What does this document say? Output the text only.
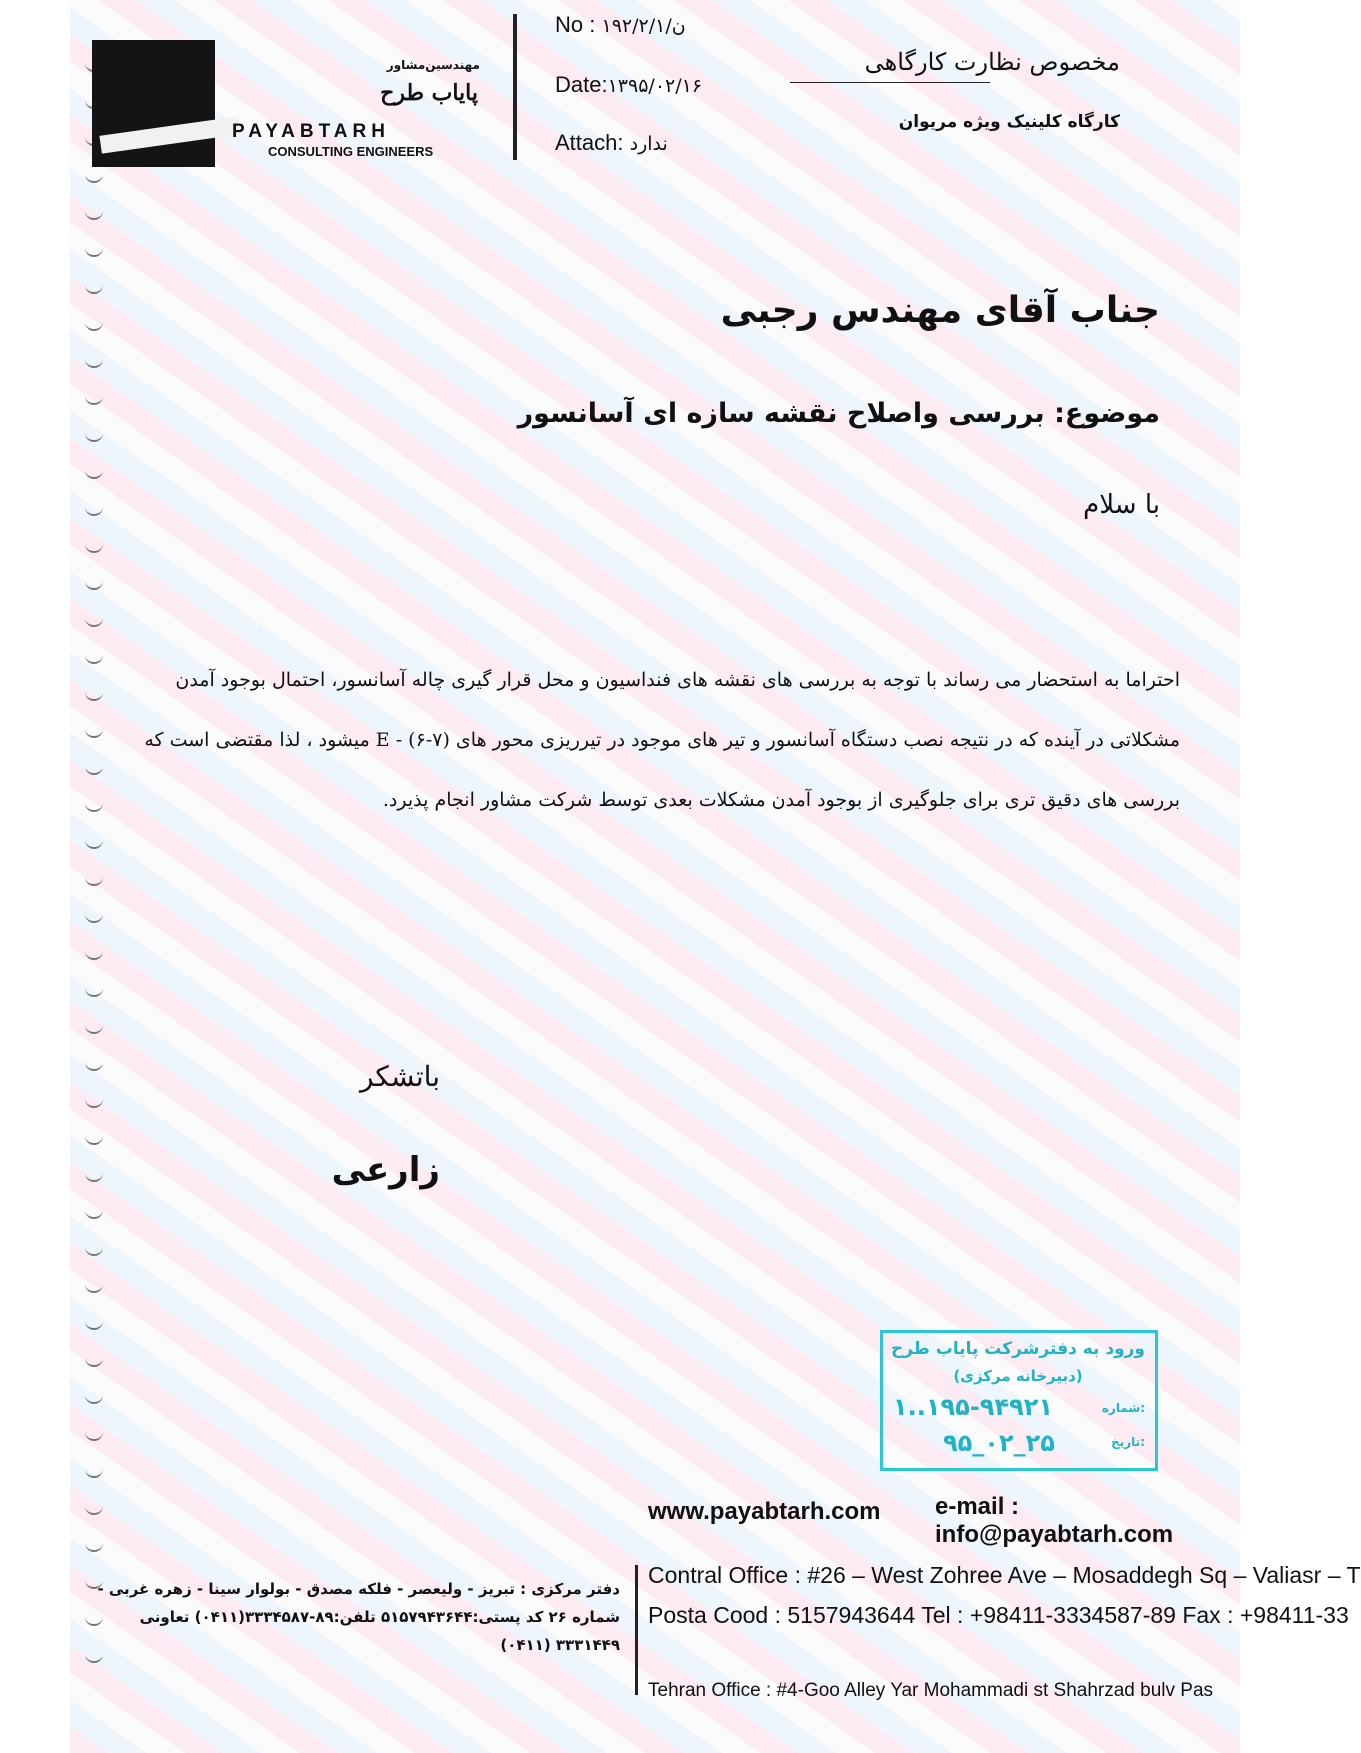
مهندسین‌مشاور
پایاب طرح
PAYABTARH
CONSULTING ENGINEERS
No : ۱۹۲/۲/ن/۱
Date:۱۳۹۵/۰۲/۱۶
Attach: ندارد
مخصوص نظارت کارگاهی
کارگاه کلینیک ویژه مریوان
جناب آقای مهندس رجبی
موضوع: بررسی واصلاح نقشه سازه ای آسانسور
با سلام
احتراما به استحضار می رساند با توجه به بررسی های نقشه های فنداسیون و محل قرار گیری چاله آسانسور، احتمال بوجود آمدن مشکلاتی در آینده که در نتیجه نصب دستگاه آسانسور و تیر های موجود در تیرریزی محور های (۷-۶) - E میشود ، لذا مقتضی است که بررسی های دقیق تری برای جلوگیری از بوجود آمدن مشکلات بعدی توسط شرکت مشاور انجام پذیرد.
باتشکر
زارعی
ورود به دفترشرکت پایاب طرح
(دبیرخانه مرکزی)
شماره:
۱..۱۹۵-۹۴۹۲۱
تاریخ:
۹۵_۰۲_۲۵
www.payabtarh.com e-mail : info@payabtarh.com
Contral Office : #26 – West Zohree Ave – Mosaddegh Sq – Valiasr – T
Posta Cood : 5157943644 Tel : +98411-3334587-89 Fax : +98411-33
Tehran Office : #4-Goo Alley Yar Mohammadi st Shahrzad bulv Pas
دفتر مرکزی : تبریز - ولیعصر - فلکه مصدق - بولوار سینا - زهره غربی - شماره ۲۶ کد پستی:۵۱۵۷۹۴۳۶۴۴ تلفن:۸۹-۳۳۳۴۵۸۷(۰۴۱۱) تعاونی ۳۳۳۱۴۴۹ (۰۴۱۱)
